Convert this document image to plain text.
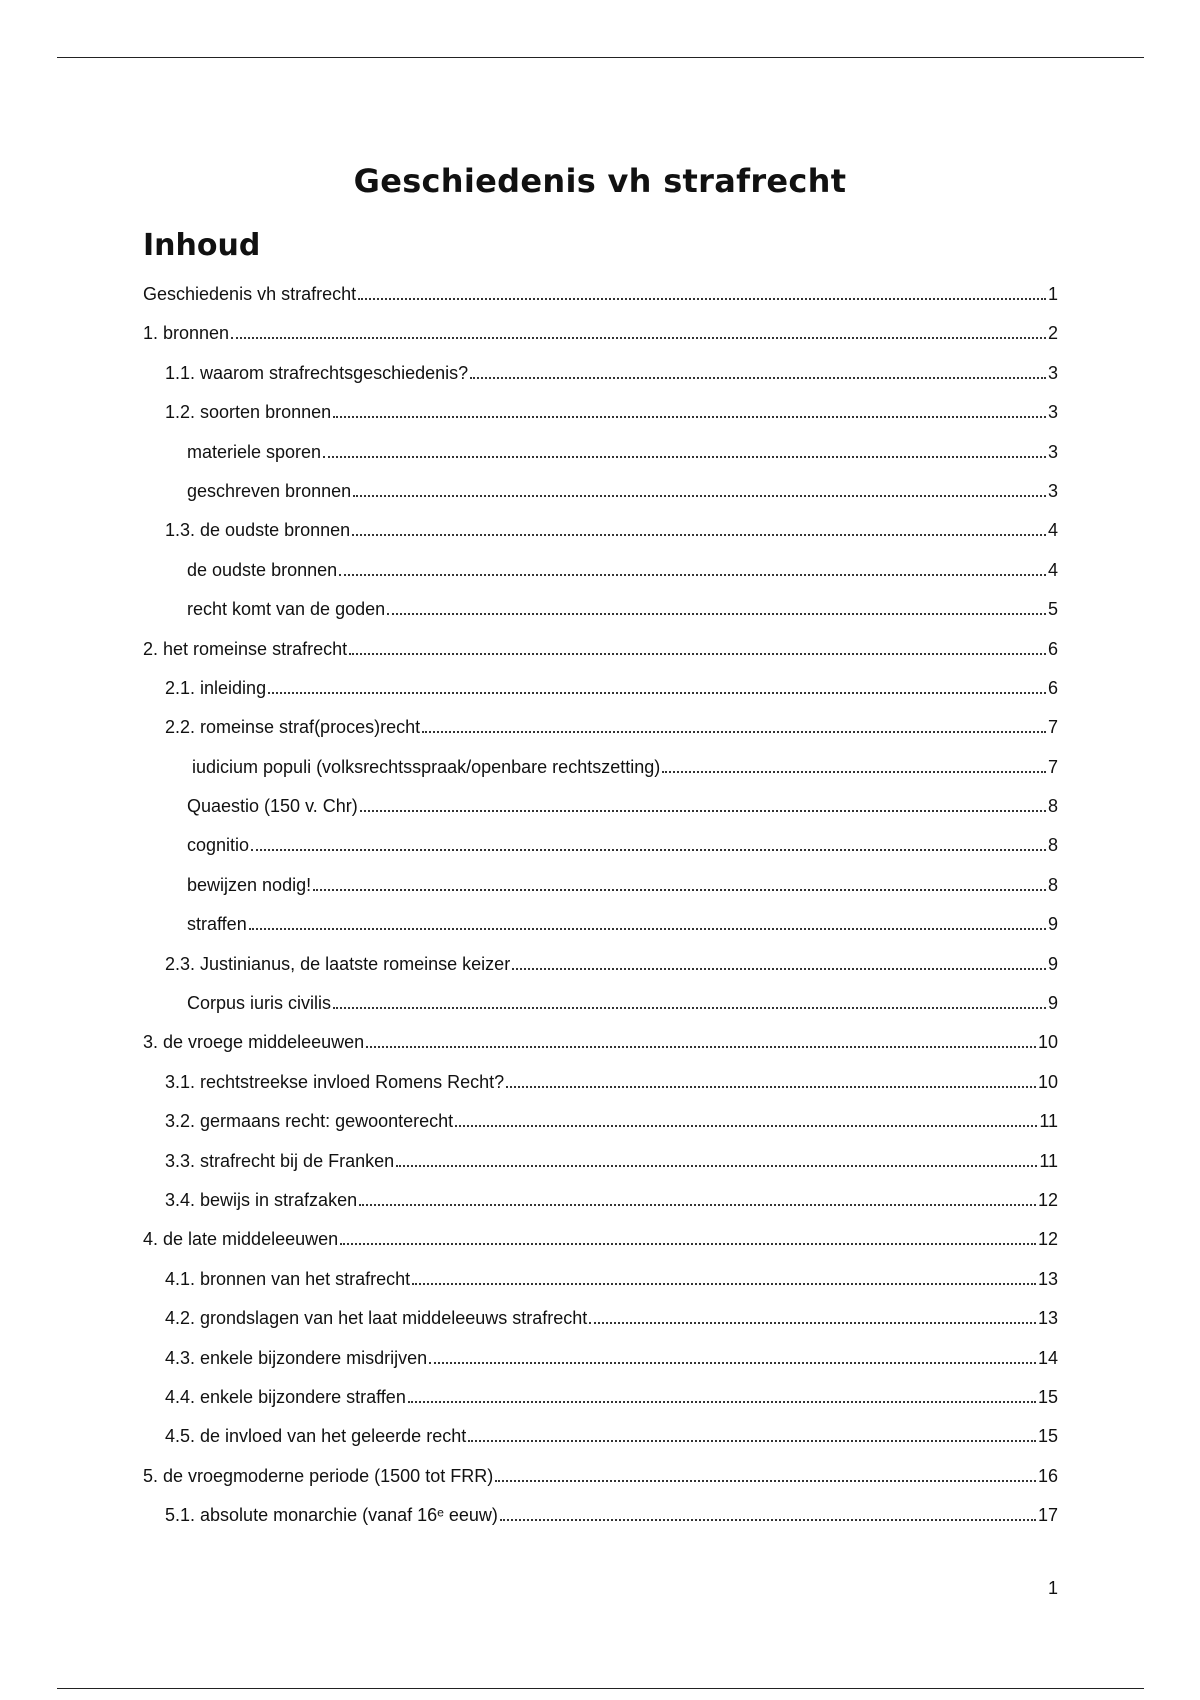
Geschiedenis vh strafrecht
Inhoud
Geschiedenis vh strafrecht	1
1. bronnen	2
1.1. waarom strafrechtsgeschiedenis?	3
1.2. soorten bronnen	3
materiele sporen	3
geschreven bronnen	3
1.3. de oudste bronnen	4
de oudste bronnen	4
recht komt van de goden	5
2. het romeinse strafrecht	6
2.1. inleiding	6
2.2. romeinse straf(proces)recht	7
iudicium populi (volksrechtsspraak/openbare rechtszetting)	7
Quaestio (150 v. Chr)	8
cognitio	8
bewijzen nodig!	8
straffen	9
2.3. Justinianus, de laatste romeinse keizer	9
Corpus iuris civilis	9
3. de vroege middeleeuwen	10
3.1. rechtstreekse invloed Romens Recht?	10
3.2. germaans recht: gewoonterecht	11
3.3. strafrecht bij de Franken	11
3.4. bewijs in strafzaken	12
4. de late middeleeuwen	12
4.1. bronnen van het strafrecht	13
4.2. grondslagen van het laat middeleeuws strafrecht	13
4.3. enkele bijzondere misdrijven	14
4.4. enkele bijzondere straffen	15
4.5. de invloed van het geleerde recht	15
5. de vroegmoderne periode (1500 tot FRR)	16
5.1. absolute monarchie (vanaf 16ᵉ eeuw)	17
1
